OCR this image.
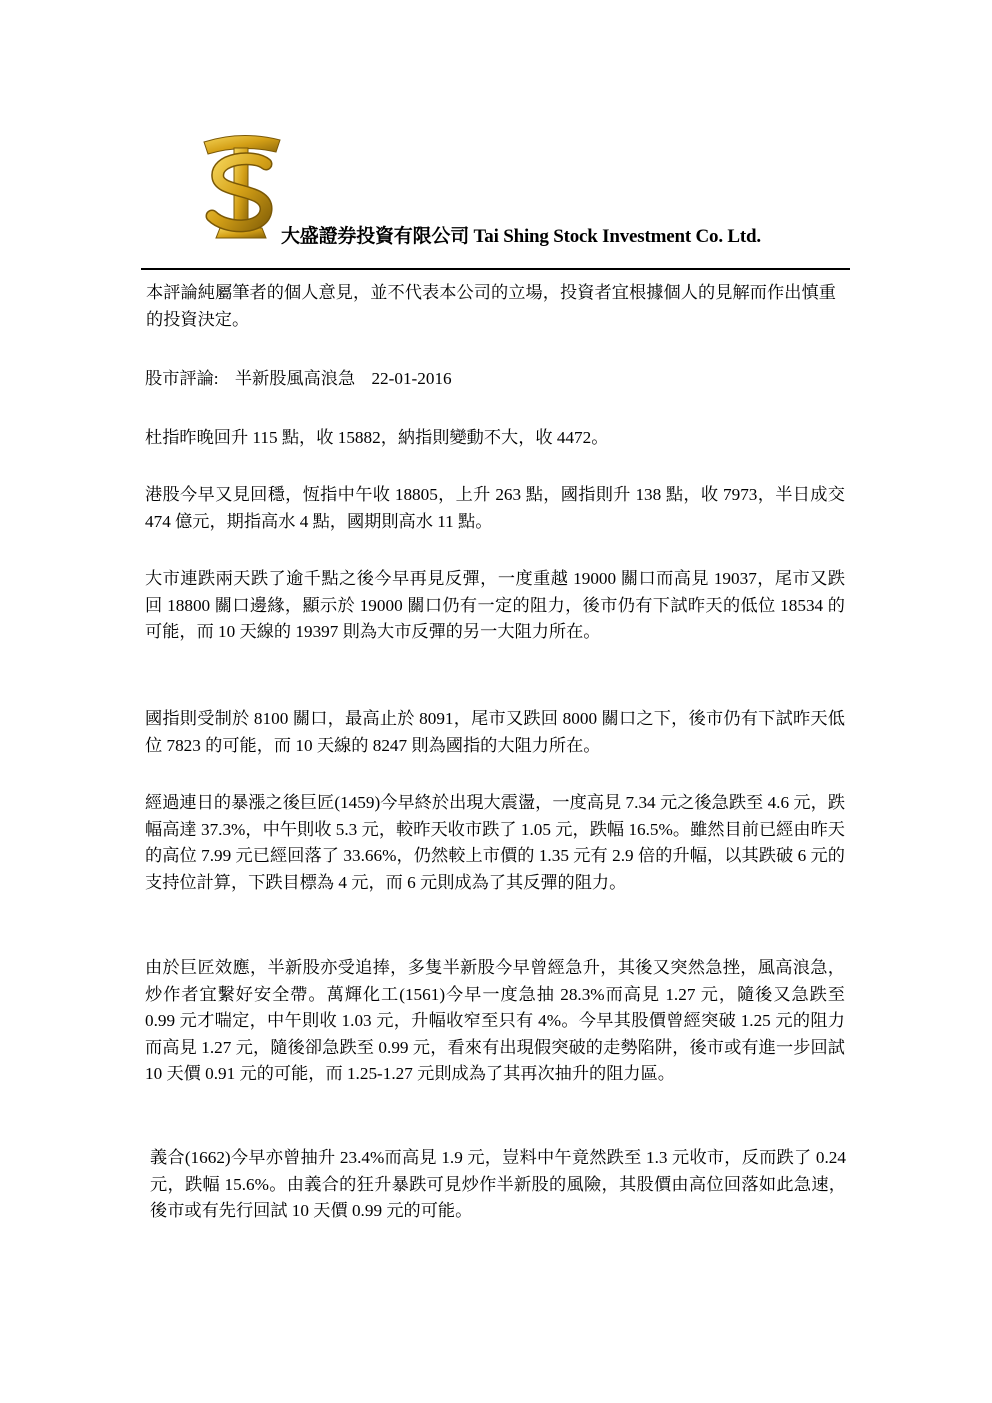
大盛證券投資有限公司 Tai Shing Stock Investment Co. Ltd.

本評論純屬筆者的個人意見，並不代表本公司的立場，投資者宜根據個人的見解而作出慎重的投資決定。

股市評論: 半新股風高浪急 22-01-2016

杜指昨晚回升 115 點，收 15882，納指則變動不大，收 4472。

港股今早又見回穩，恆指中午收 18805，上升 263 點，國指則升 138 點，收 7973，半日成交 474 億元，期指高水 4 點，國期則高水 11 點。

大市連跌兩天跌了逾千點之後今早再見反彈，一度重越 19000 關口而高見 19037，尾市又跌回 18800 關口邊緣，顯示於 19000 關口仍有一定的阻力，後市仍有下試昨天的低位 18534 的可能，而 10 天線的 19397 則為大市反彈的另一大阻力所在。

國指則受制於 8100 關口，最高止於 8091，尾市又跌回 8000 關口之下，後市仍有下試昨天低位 7823 的可能，而 10 天線的 8247 則為國指的大阻力所在。

經過連日的暴漲之後巨匠(1459)今早終於出現大震盪，一度高見 7.34 元之後急跌至 4.6 元，跌幅高達 37.3%，中午則收 5.3 元，較昨天收市跌了 1.05 元，跌幅 16.5%。雖然目前已經由昨天的高位 7.99 元已經回落了 33.66%，仍然較上市價的 1.35 元有 2.9 倍的升幅，以其跌破 6 元的支持位計算，下跌目標為 4 元，而 6 元則成為了其反彈的阻力。

由於巨匠效應，半新股亦受追捧，多隻半新股今早曾經急升，其後又突然急挫，風高浪急，炒作者宜繫好安全帶。萬輝化工(1561)今早一度急抽 28.3%而高見 1.27 元，隨後又急跌至 0.99 元才喘定，中午則收 1.03 元，升幅收窄至只有 4%。今早其股價曾經突破 1.25 元的阻力而高見 1.27 元，隨後卻急跌至 0.99 元，看來有出現假突破的走勢陷阱，後市或有進一步回試 10 天價 0.91 元的可能，而 1.25-1.27 元則成為了其再次抽升的阻力區。

義合(1662)今早亦曾抽升 23.4%而高見 1.9 元，豈料中午竟然跌至 1.3 元收市，反而跌了 0.24 元，跌幅 15.6%。由義合的狂升暴跌可見炒作半新股的風險，其股價由高位回落如此急速，後市或有先行回試 10 天價 0.99 元的可能。
